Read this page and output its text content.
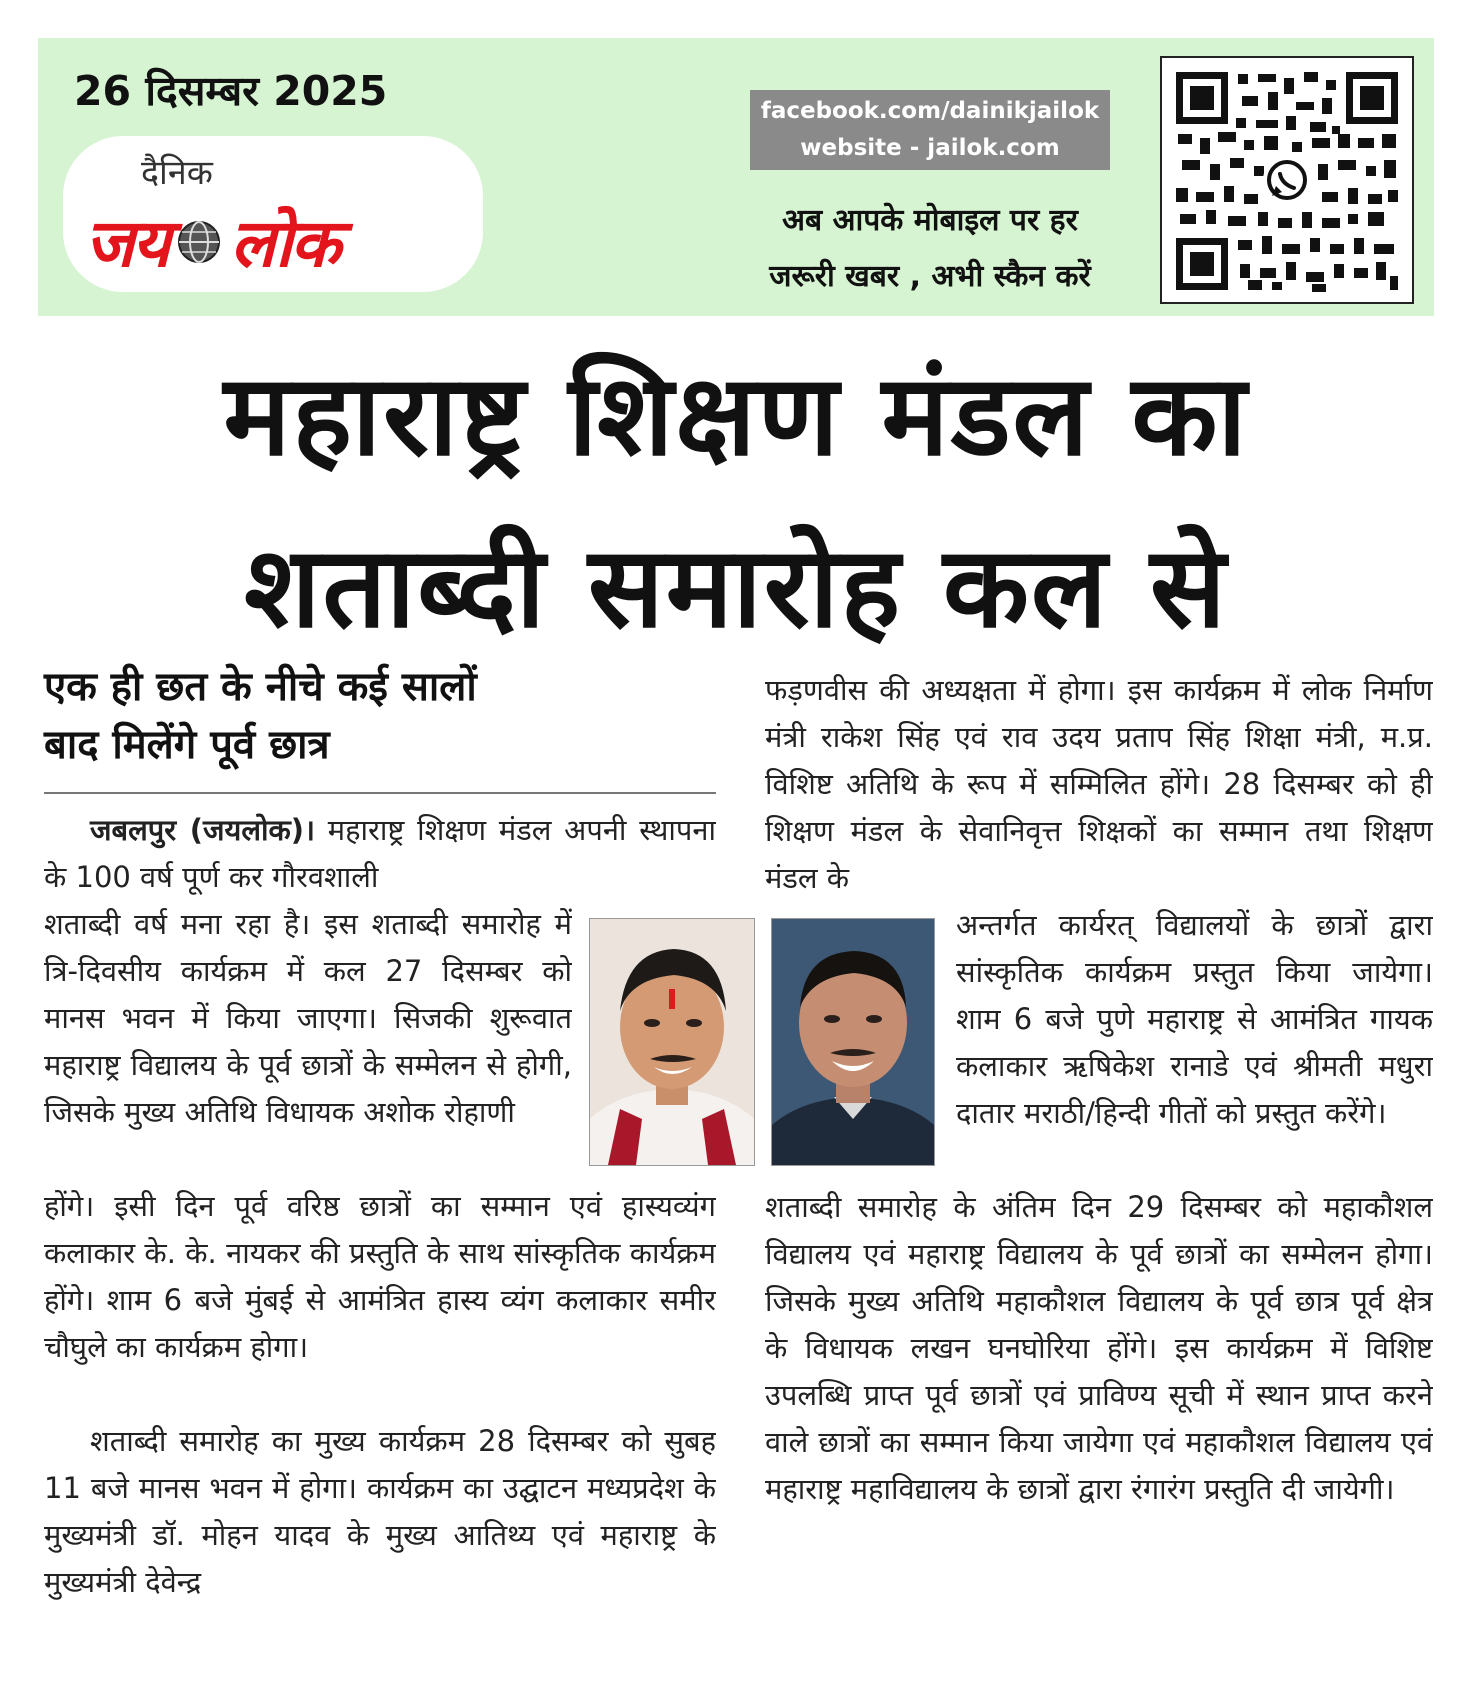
26 दिसम्बर 2025
दैनिक
जय लोक
facebook.com/dainikjailok
website - jailok.com
अब आपके मोबाइल पर हर
जरूरी खबर , अभी स्कैन करें
महाराष्ट्र शिक्षण मंडल का
शताब्दी समारोह कल से
एक ही छत के नीचे कई सालों
बाद मिलेंगे पूर्व छात्र
जबलपुर (जयलोक)। महाराष्ट्र शिक्षण मंडल अपनी स्थापना के 100 वर्ष पूर्ण कर गौरवशाली
शताब्दी वर्ष मना रहा है। इस शताब्दी समारोह में त्रि-दिवसीय कार्यक्रम में कल 27 दिसम्बर को मानस भवन में किया जाएगा। सिजकी शुरूवात महाराष्ट्र विद्यालय के पूर्व छात्रों के सम्मेलन से होगी, जिसके मुख्य अतिथि विधायक अशोक रोहाणी
होंगे। इसी दिन पूर्व वरिष्ठ छात्रों का सम्मान एवं हास्यव्यंग कलाकार के. के. नायकर की प्रस्तुति के साथ सांस्कृतिक कार्यक्रम होंगे। शाम 6 बजे मुंबई से आमंत्रित हास्य व्यंग कलाकार समीर चौघुले का कार्यक्रम होगा।
शताब्दी समारोह का मुख्य कार्यक्रम 28 दिसम्बर को सुबह 11 बजे मानस भवन में होगा। कार्यक्रम का उद्घाटन मध्यप्रदेश के मुख्यमंत्री डॉ. मोहन यादव के मुख्य आतिथ्य एवं महाराष्ट्र के मुख्यमंत्री देवेन्द्र
फड़णवीस की अध्यक्षता में होगा। इस कार्यक्रम में लोक निर्माण मंत्री राकेश सिंह एवं राव उदय प्रताप सिंह शिक्षा मंत्री, म.प्र. विशिष्ट अतिथि के रूप में सम्मिलित होंगे। 28 दिसम्बर को ही शिक्षण मंडल के सेवानिवृत्त शिक्षकों का सम्मान तथा शिक्षण मंडल के
अन्तर्गत कार्यरत् विद्यालयों के छात्रों द्वारा सांस्कृतिक कार्यक्रम प्रस्तुत किया जायेगा। शाम 6 बजे पुणे महाराष्ट्र से आमंत्रित गायक कलाकार ऋषिकेश रानाडे एवं श्रीमती मधुरा दातार मराठी/हिन्दी गीतों को प्रस्तुत करेंगे।
शताब्दी समारोह के अंतिम दिन 29 दिसम्बर को महाकौशल विद्यालय एवं महाराष्ट्र विद्यालय के पूर्व छात्रों का सम्मेलन होगा। जिसके मुख्य अतिथि महाकौशल विद्यालय के पूर्व छात्र पूर्व क्षेत्र के विधायक लखन घनघोरिया होंगे। इस कार्यक्रम में विशिष्ट उपलब्धि प्राप्त पूर्व छात्रों एवं प्राविण्य सूची में स्थान प्राप्त करने वाले छात्रों का सम्मान किया जायेगा एवं महाकौशल विद्यालय एवं महाराष्ट्र महाविद्यालय के छात्रों द्वारा रंगारंग प्रस्तुति दी जायेगी।
